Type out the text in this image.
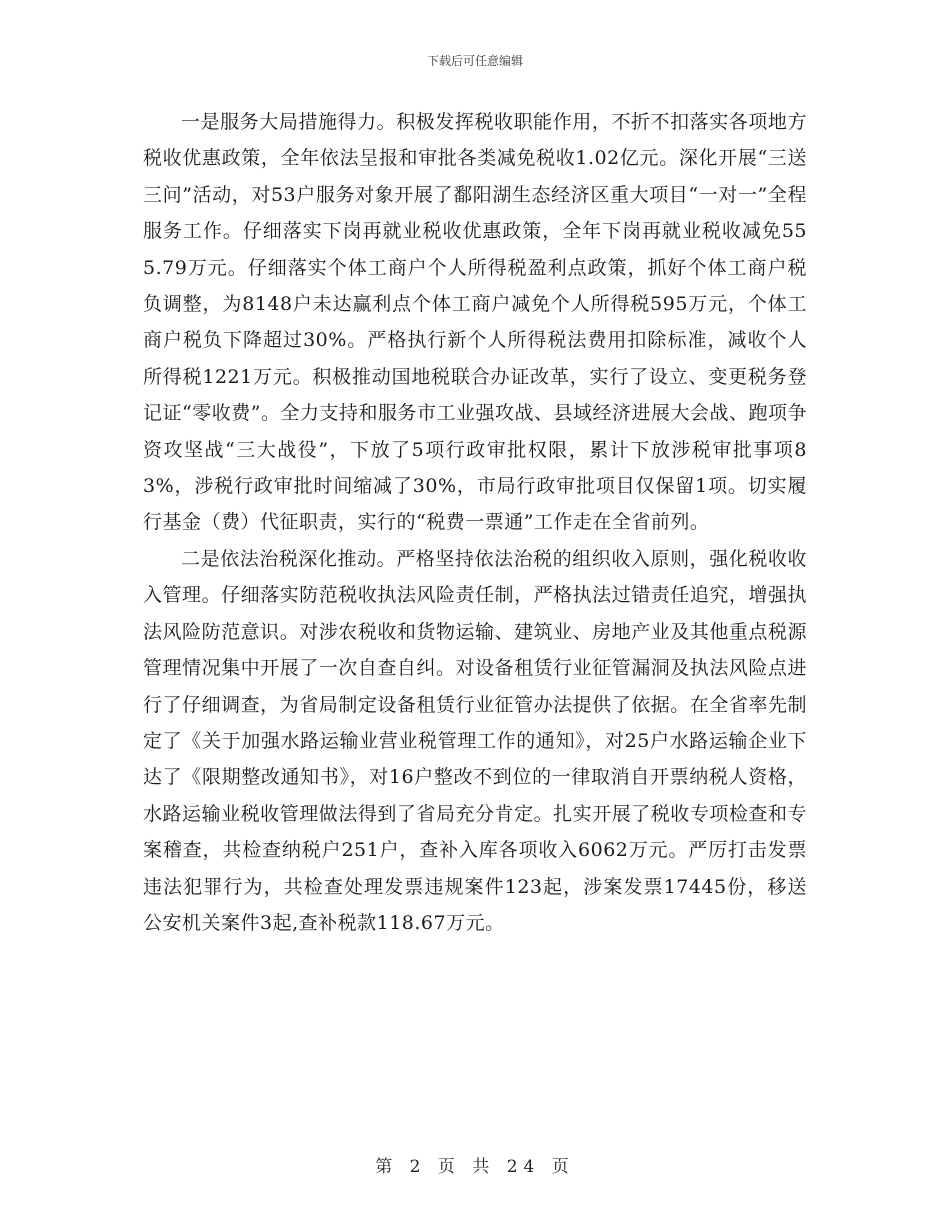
下载后可任意编辑

一是服务大局措施得力。积极发挥税收职能作用，不折不扣落实各项地方税收优惠政策，全年依法呈报和审批各类减免税收1.02亿元。深化开展“三送三问”活动，对53户服务对象开展了鄱阳湖生态经济区重大项目“一对一”全程服务工作。仔细落实下岗再就业税收优惠政策，全年下岗再就业税收减免555.79万元。仔细落实个体工商户个人所得税盈利点政策，抓好个体工商户税负调整，为8148户未达赢利点个体工商户减免个人所得税595万元，个体工商户税负下降超过30%。严格执行新个人所得税法费用扣除标准，减收个人所得税1221万元。积极推动国地税联合办证改革，实行了设立、变更税务登记证“零收费”。全力支持和服务市工业强攻战、县域经济进展大会战、跑项争资攻坚战“三大战役”，下放了5项行政审批权限，累计下放涉税审批事项83%，涉税行政审批时间缩减了30%，市局行政审批项目仅保留1项。切实履行基金（费）代征职责，实行的“税费一票通”工作走在全省前列。

二是依法治税深化推动。严格坚持依法治税的组织收入原则，强化税收收入管理。仔细落实防范税收执法风险责任制，严格执法过错责任追究，增强执法风险防范意识。对涉农税收和货物运输、建筑业、房地产业及其他重点税源管理情况集中开展了一次自查自纠。对设备租赁行业征管漏洞及执法风险点进行了仔细调查，为省局制定设备租赁行业征管办法提供了依据。在全省率先制定了《关于加强水路运输业营业税管理工作的通知》，对25户水路运输企业下达了《限期整改通知书》，对16户整改不到位的一律取消自开票纳税人资格，水路运输业税收管理做法得到了省局充分肯定。扎实开展了税收专项检查和专案稽查，共检查纳税户251户，查补入库各项收入6062万元。严厉打击发票违法犯罪行为，共检查处理发票违规案件123起，涉案发票17445份，移送公安机关案件3起,查补税款118.67万元。

第 2 页 共 24 页
